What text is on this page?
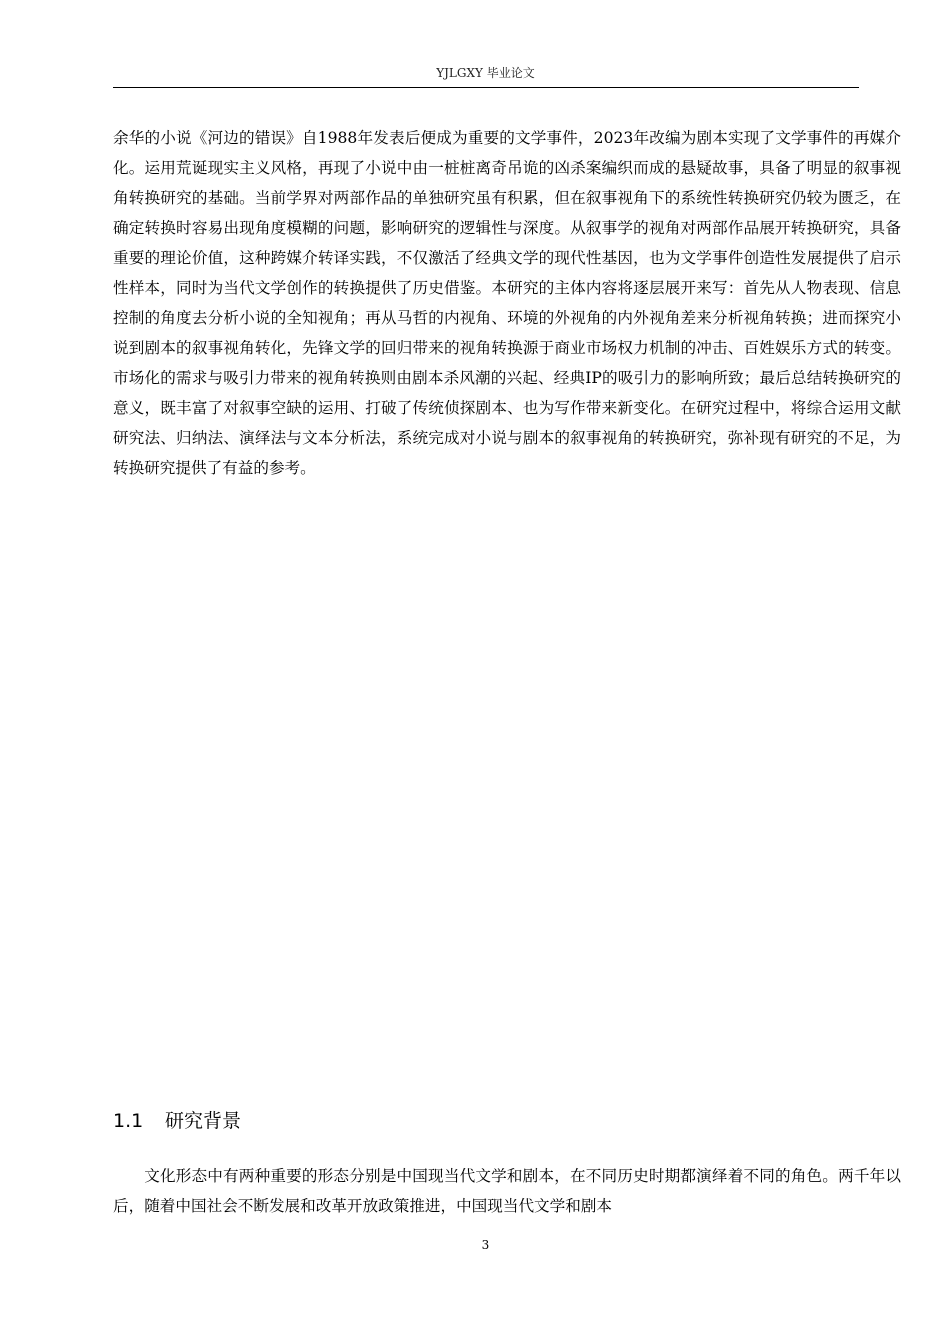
YJLGXY 毕业论文

余华的小说《河边的错误》自1988年发表后便成为重要的文学事件，2023年改编为剧本实现了文学事件的再媒介化。运用荒诞现实主义风格，再现了小说中由一桩桩离奇吊诡的凶杀案编织而成的悬疑故事，具备了明显的叙事视角转换研究的基础。当前学界对两部作品的单独研究虽有积累，但在叙事视角下的系统性转换研究仍较为匮乏，在确定转换时容易出现角度模糊的问题，影响研究的逻辑性与深度。从叙事学的视角对两部作品展开转换研究，具备重要的理论价值，这种跨媒介转译实践，不仅激活了经典文学的现代性基因，也为文学事件创造性发展提供了启示性样本，同时为当代文学创作的转换提供了历史借鉴。本研究的主体内容将逐层展开来写：首先从人物表现、信息控制的角度去分析小说的全知视角；再从马哲的内视角、环境的外视角的内外视角差来分析视角转换；进而探究小说到剧本的叙事视角转化，先锋文学的回归带来的视角转换源于商业市场权力机制的冲击、百姓娱乐方式的转变。市场化的需求与吸引力带来的视角转换则由剧本杀风潮的兴起、经典IP的吸引力的影响所致；最后总结转换研究的意义，既丰富了对叙事空缺的运用、打破了传统侦探剧本、也为写作带来新变化。在研究过程中，将综合运用文献研究法、归纳法、演绎法与文本分析法，系统完成对小说与剧本的叙事视角的转换研究，弥补现有研究的不足，为转换研究提供了有益的参考。

1.1 研究背景

文化形态中有两种重要的形态分别是中国现当代文学和剧本，在不同历史时期都演绎着不同的角色。两千年以后，随着中国社会不断发展和改革开放政策推进，中国现当代文学和剧本

3
